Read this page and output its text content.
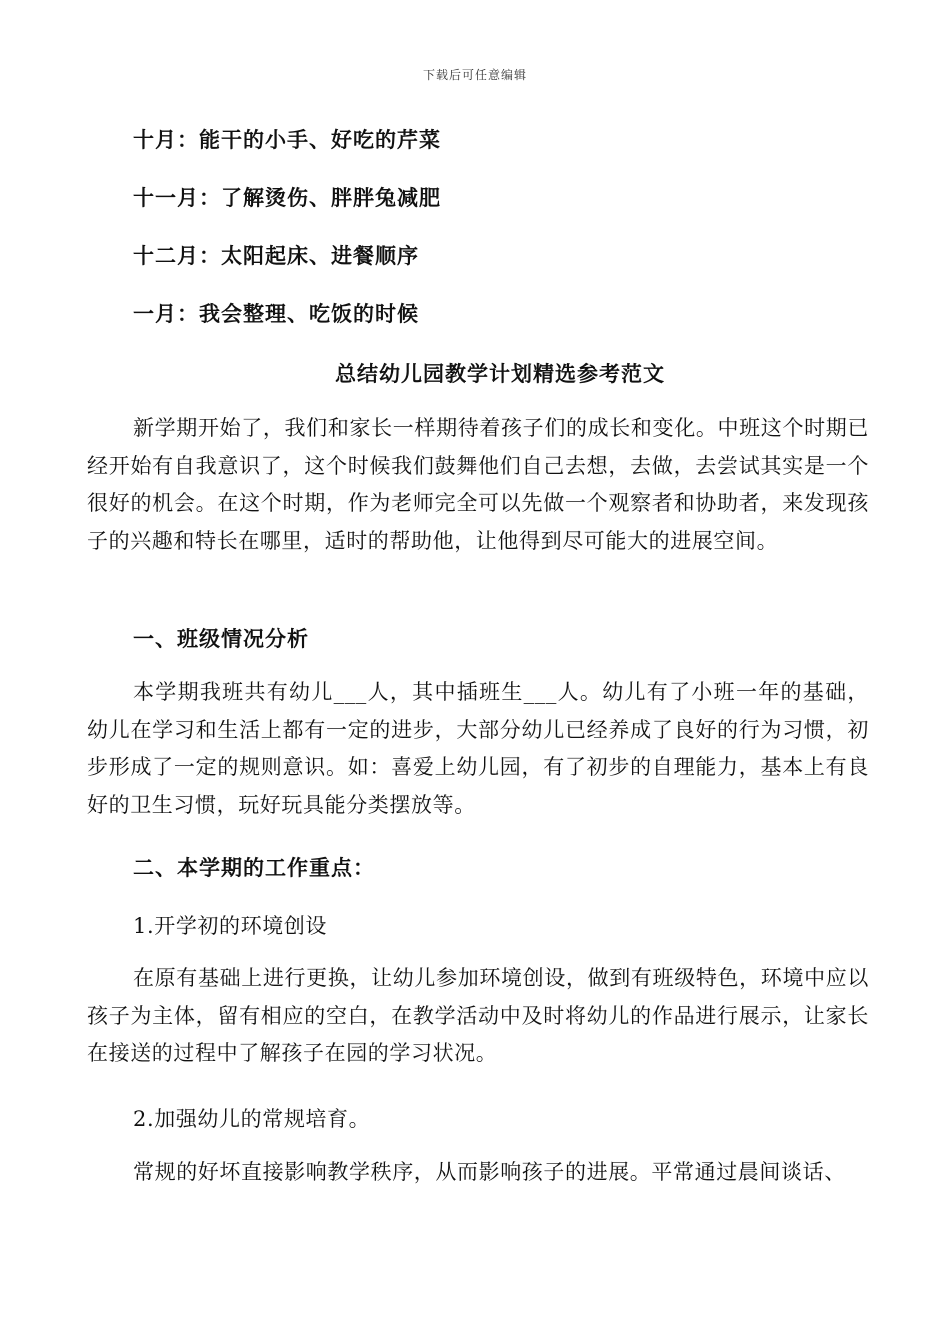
下载后可任意编辑
十月：能干的小手、好吃的芹菜
十一月：了解烫伤、胖胖兔减肥
十二月：太阳起床、进餐顺序
一月：我会整理、吃饭的时候
总结幼儿园教学计划精选参考范文
新学期开始了，我们和家长一样期待着孩子们的成长和变化。中班这个时期已经开始有自我意识了，这个时候我们鼓舞他们自己去想，去做，去尝试其实是一个很好的机会。在这个时期，作为老师完全可以先做一个观察者和协助者，来发现孩子的兴趣和特长在哪里，适时的帮助他，让他得到尽可能大的进展空间。
一、班级情况分析
本学期我班共有幼儿___人，其中插班生___人。幼儿有了小班一年的基础，幼儿在学习和生活上都有一定的进步，大部分幼儿已经养成了良好的行为习惯，初步形成了一定的规则意识。如：喜爱上幼儿园，有了初步的自理能力，基本上有良好的卫生习惯，玩好玩具能分类摆放等。
二、本学期的工作重点：
1.开学初的环境创设
在原有基础上进行更换，让幼儿参加环境创设，做到有班级特色，环境中应以孩子为主体，留有相应的空白，在教学活动中及时将幼儿的作品进行展示，让家长在接送的过程中了解孩子在园的学习状况。
2.加强幼儿的常规培育。
常规的好坏直接影响教学秩序，从而影响孩子的进展。平常通过晨间谈话、
